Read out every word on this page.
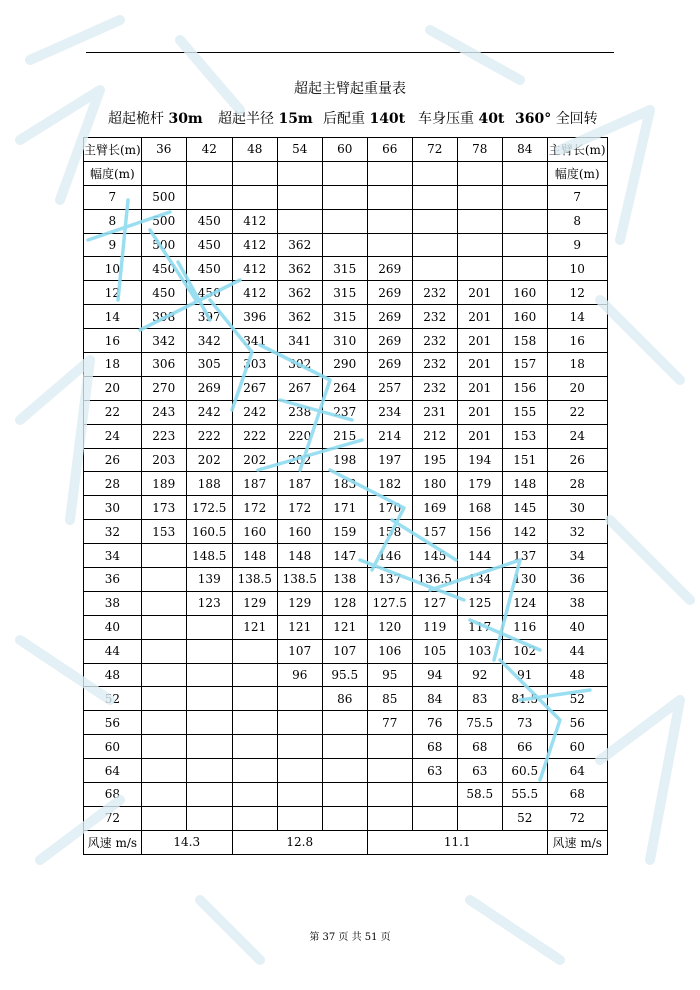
超起主臂起重量表
超起桅杆 30m 超起半径 15m 后配重 140t 车身压重 40t 360° 全回转
主臂长(m)	36	42	48	54	60	66	72	78	84	主臂长(m)
幅度(m)										幅度(m)
7	500									7
8	500	450	412							8
9	500	450	412	362						9
10	450	450	412	362	315	269				10
12	450	450	412	362	315	269	232	201	160	12
14	398	397	396	362	315	269	232	201	160	14
16	342	342	341	341	310	269	232	201	158	16
18	306	305	303	302	290	269	232	201	157	18
20	270	269	267	267	264	257	232	201	156	20
22	243	242	242	238	237	234	231	201	155	22
24	223	222	222	220	215	214	212	201	153	24
26	203	202	202	202	198	197	195	194	151	26
28	189	188	187	187	183	182	180	179	148	28
30	173	172.5	172	172	171	170	169	168	145	30
32	153	160.5	160	160	159	158	157	156	142	32
34		148.5	148	148	147	146	145	144	137	34
36		139	138.5	138.5	138	137	136.5	134	130	36
38		123	129	129	128	127.5	127	125	124	38
40			121	121	121	120	119	117	116	40
44				107	107	106	105	103	102	44
48				96	95.5	95	94	92	91	48
52					86	85	84	83	81.5	52
56						77	76	75.5	73	56
60							68	68	66	60
64							63	63	60.5	64
68								58.5	55.5	68
72									52	72
风速 m/s	14.3		12.8			11.1				风速 m/s
第 37 页 共 51 页
